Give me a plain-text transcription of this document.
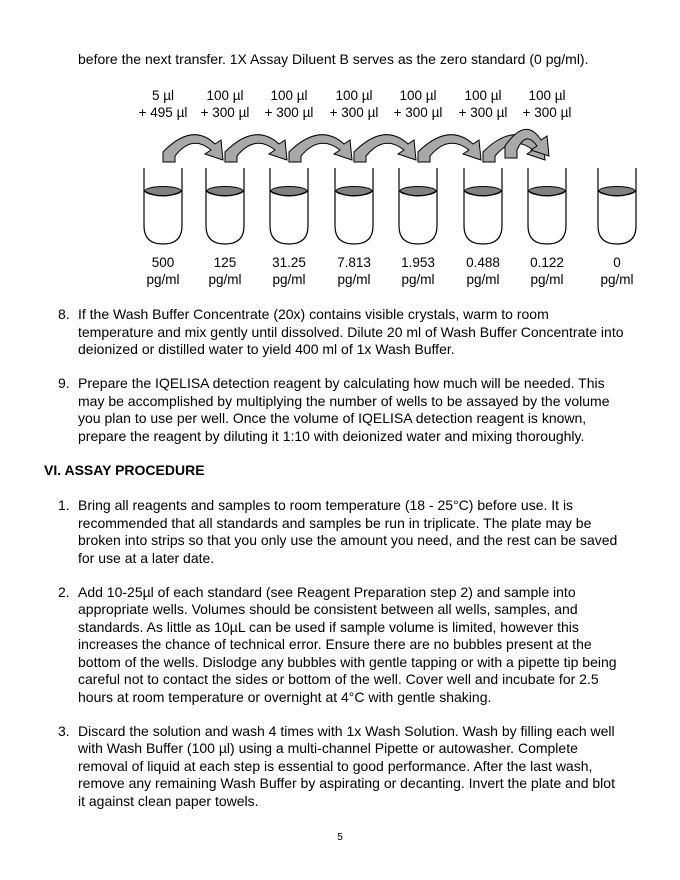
before the next transfer. 1X Assay Diluent B serves as the zero standard (0 pg/ml).
5 µl
+ 495 µl
100 µl
+ 300 µl
100 µl
+ 300 µl
100 µl
+ 300 µl
100 µl
+ 300 µl
100 µl
+ 300 µl
100 µl
+ 300 µl
500
pg/ml
125
pg/ml
31.25
pg/ml
7.813
pg/ml
1.953
pg/ml
0.488
pg/ml
0.122
pg/ml
0
pg/ml
8. If the Wash Buffer Concentrate (20x) contains visible crystals, warm to room
temperature and mix gently until dissolved. Dilute 20 ml of Wash Buffer Concentrate into
deionized or distilled water to yield 400 ml of 1x Wash Buffer.
9. Prepare the IQELISA detection reagent by calculating how much will be needed. This
may be accomplished by multiplying the number of wells to be assayed by the volume
you plan to use per well. Once the volume of IQELISA detection reagent is known,
prepare the reagent by diluting it 1:10 with deionized water and mixing thoroughly.
VI. ASSAY PROCEDURE
1. Bring all reagents and samples to room temperature (18 - 25°C) before use. It is
recommended that all standards and samples be run in triplicate. The plate may be
broken into strips so that you only use the amount you need, and the rest can be saved
for use at a later date.
2. Add 10-25µl of each standard (see Reagent Preparation step 2) and sample into
appropriate wells. Volumes should be consistent between all wells, samples, and
standards. As little as 10µL can be used if sample volume is limited, however this
increases the chance of technical error. Ensure there are no bubbles present at the
bottom of the wells. Dislodge any bubbles with gentle tapping or with a pipette tip being
careful not to contact the sides or bottom of the well. Cover well and incubate for 2.5
hours at room temperature or overnight at 4°C with gentle shaking.
3. Discard the solution and wash 4 times with 1x Wash Solution. Wash by filling each well
with Wash Buffer (100 µl) using a multi-channel Pipette or autowasher. Complete
removal of liquid at each step is essential to good performance. After the last wash,
remove any remaining Wash Buffer by aspirating or decanting. Invert the plate and blot
it against clean paper towels.
5
